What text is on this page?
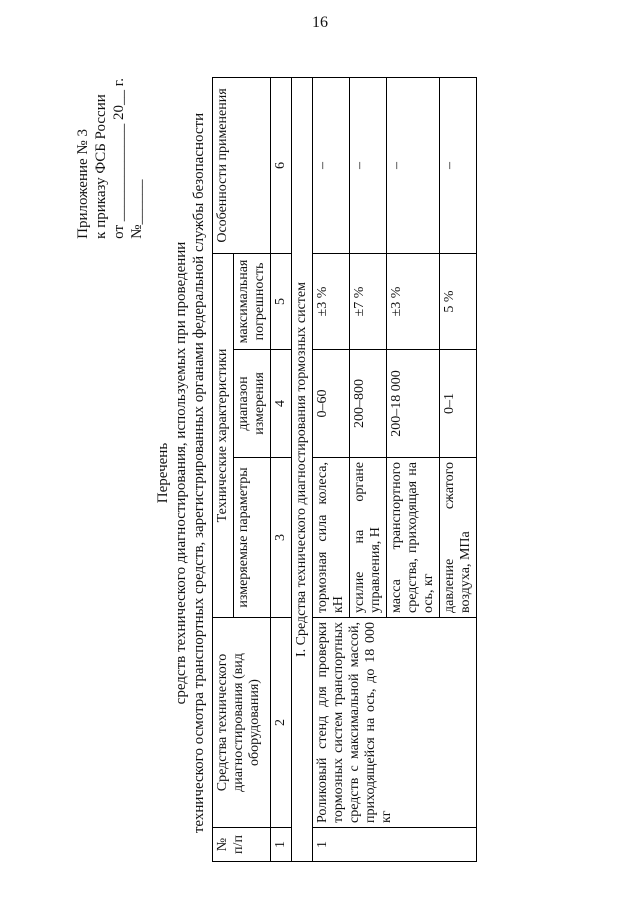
16
Приложение № 3 к приказу ФСБ России от _____________ 20__ г. №______
Перечень средств технического диагностирования, используемых при проведении технического осмотра транспортных средств, зарегистрированных органами федеральной службы безопасности
№ п/п	Средства технического диагностирования (вид оборудования)	Технические характеристики			Особенности применения
		измеряемые параметры	диапазон измерения	максимальная погрешность	
1	2	3	4	5	6
I. Средства технического диагностирования тормозных систем					
1	Роликовый стенд для проверки тормозных систем транспортных средств с максимальной массой, приходящейся на ось, до 18 000 кг	тормозная сила колеса, кН	0–60	±3 %	–
		усилие на органе управления, Н	200–800	±7 %	–
		масса транспортного средства, приходящая на ось, кг	200–18 000	±3 %	–
		давление сжатого воздуха, МПа	0–1	5 %	–
